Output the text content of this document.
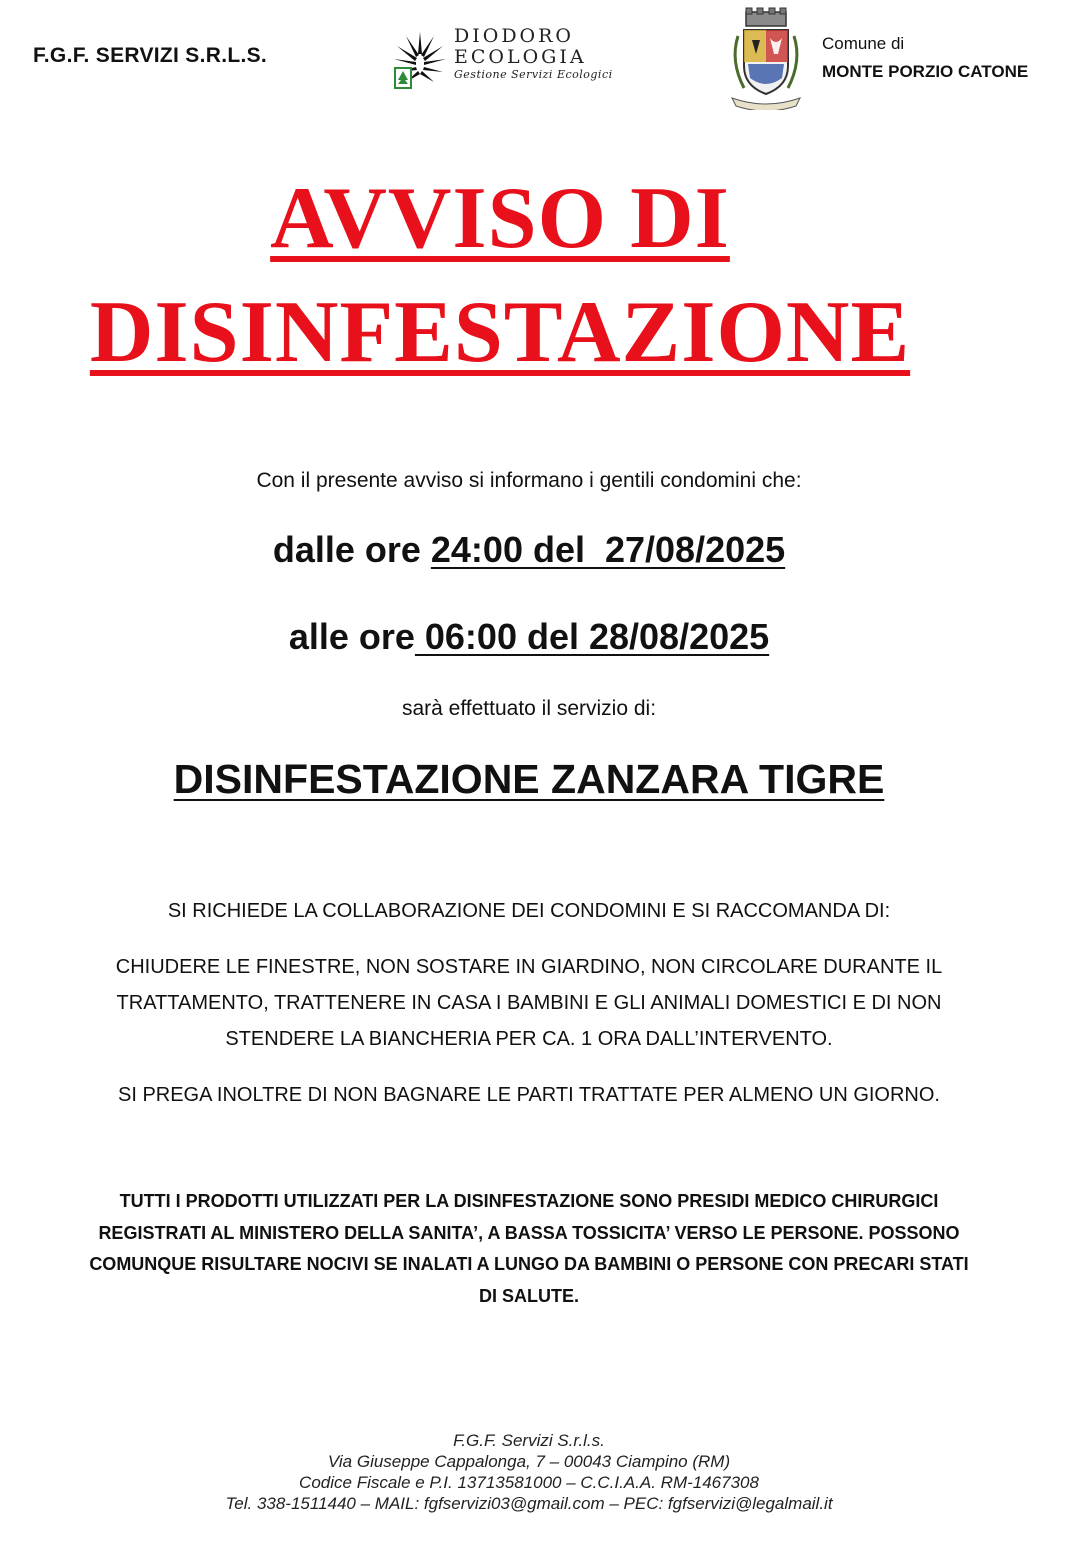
F.G.F. SERVIZI S.R.L.S.
DIODORO
ECOLOGIA
Gestione Servizi Ecologici
Comune di
MONTE PORZIO CATONE
AVVISO DI
DISINFESTAZIONE
Con il presente avviso si informano i gentili condomini che:
dalle ore 24:00 del  27/08/2025
alle ore 06:00 del 28/08/2025
sarà effettuato il servizio di:
DISINFESTAZIONE ZANZARA TIGRE
SI RICHIEDE LA COLLABORAZIONE DEI CONDOMINI E SI RACCOMANDA DI:
CHIUDERE LE FINESTRE, NON SOSTARE IN GIARDINO, NON CIRCOLARE DURANTE IL TRATTAMENTO, TRATTENERE IN CASA I BAMBINI E GLI ANIMALI DOMESTICI E DI NON STENDERE LA BIANCHERIA PER CA. 1 ORA DALL’INTERVENTO.
SI PREGA INOLTRE DI NON BAGNARE LE PARTI TRATTATE PER ALMENO UN GIORNO.
TUTTI I PRODOTTI UTILIZZATI PER LA DISINFESTAZIONE SONO PRESIDI MEDICO CHIRURGICI REGISTRATI AL MINISTERO DELLA SANITA’, A BASSA TOSSICITA’ VERSO LE PERSONE. POSSONO COMUNQUE RISULTARE NOCIVI SE INALATI A LUNGO DA BAMBINI O PERSONE CON PRECARI STATI DI SALUTE.
F.G.F. Servizi S.r.l.s.
Via Giuseppe Cappalonga, 7 – 00043 Ciampino (RM)
Codice Fiscale e P.I. 13713581000 – C.C.I.A.A. RM-1467308
Tel. 338-1511440 – MAIL: fgfservizi03@gmail.com – PEC: fgfservizi@legalmail.it
